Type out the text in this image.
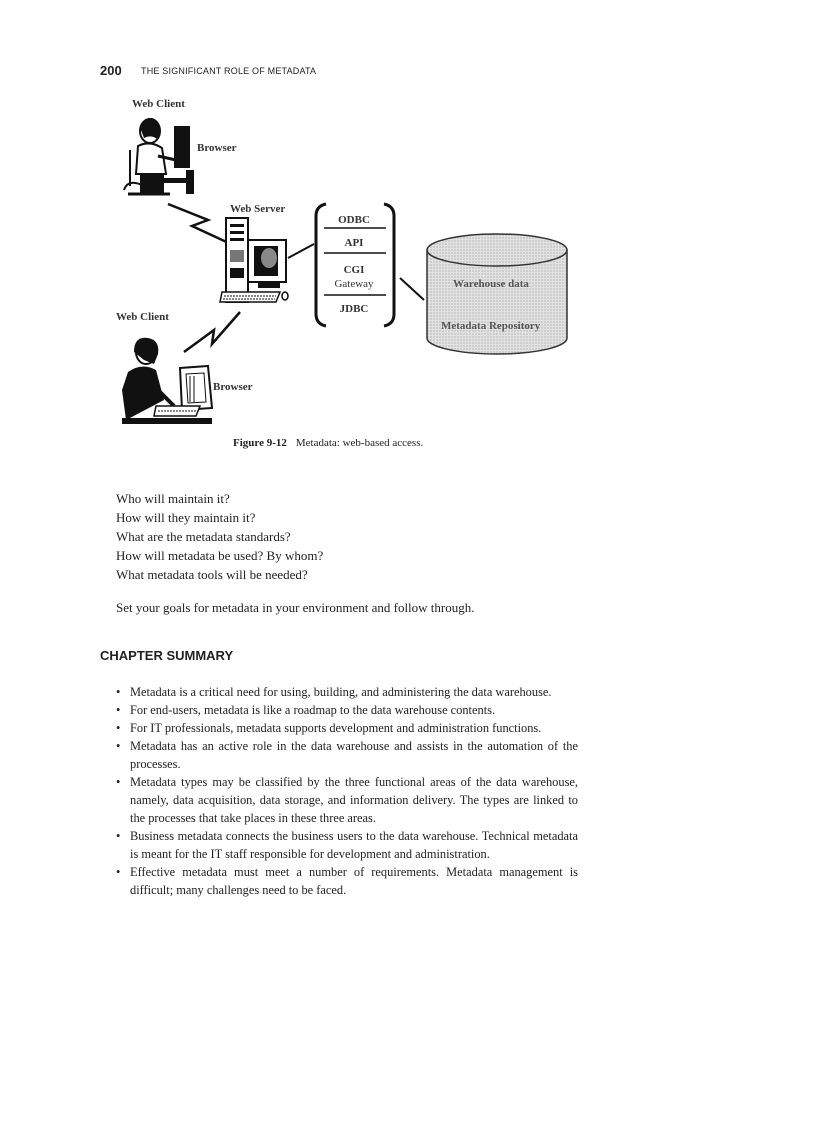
200 THE SIGNIFICANT ROLE OF METADATA
Web Client
Browser
Web Server
Web Client
Browser
ODBC
API
CGI
Gateway
JDBC
Warehouse data
Metadata Repository
Figure 9-12 Metadata: web-based access.
Who will maintain it?
How will they maintain it?
What are the metadata standards?
How will metadata be used? By whom?
What metadata tools will be needed?
Set your goals for metadata in your environment and follow through.
CHAPTER SUMMARY
• Metadata is a critical need for using, building, and administering the data warehouse.
• For end-users, metadata is like a roadmap to the data warehouse contents.
• For IT professionals, metadata supports development and administration functions.
• Metadata has an active role in the data warehouse and assists in the automation of the processes.
• Metadata types may be classified by the three functional areas of the data warehouse, namely, data acquisition, data storage, and information delivery. The types are linked to the processes that take places in these three areas.
• Business metadata connects the business users to the data warehouse. Technical metadata is meant for the IT staff responsible for development and administration.
• Effective metadata must meet a number of requirements. Metadata management is difficult; many challenges need to be faced.
